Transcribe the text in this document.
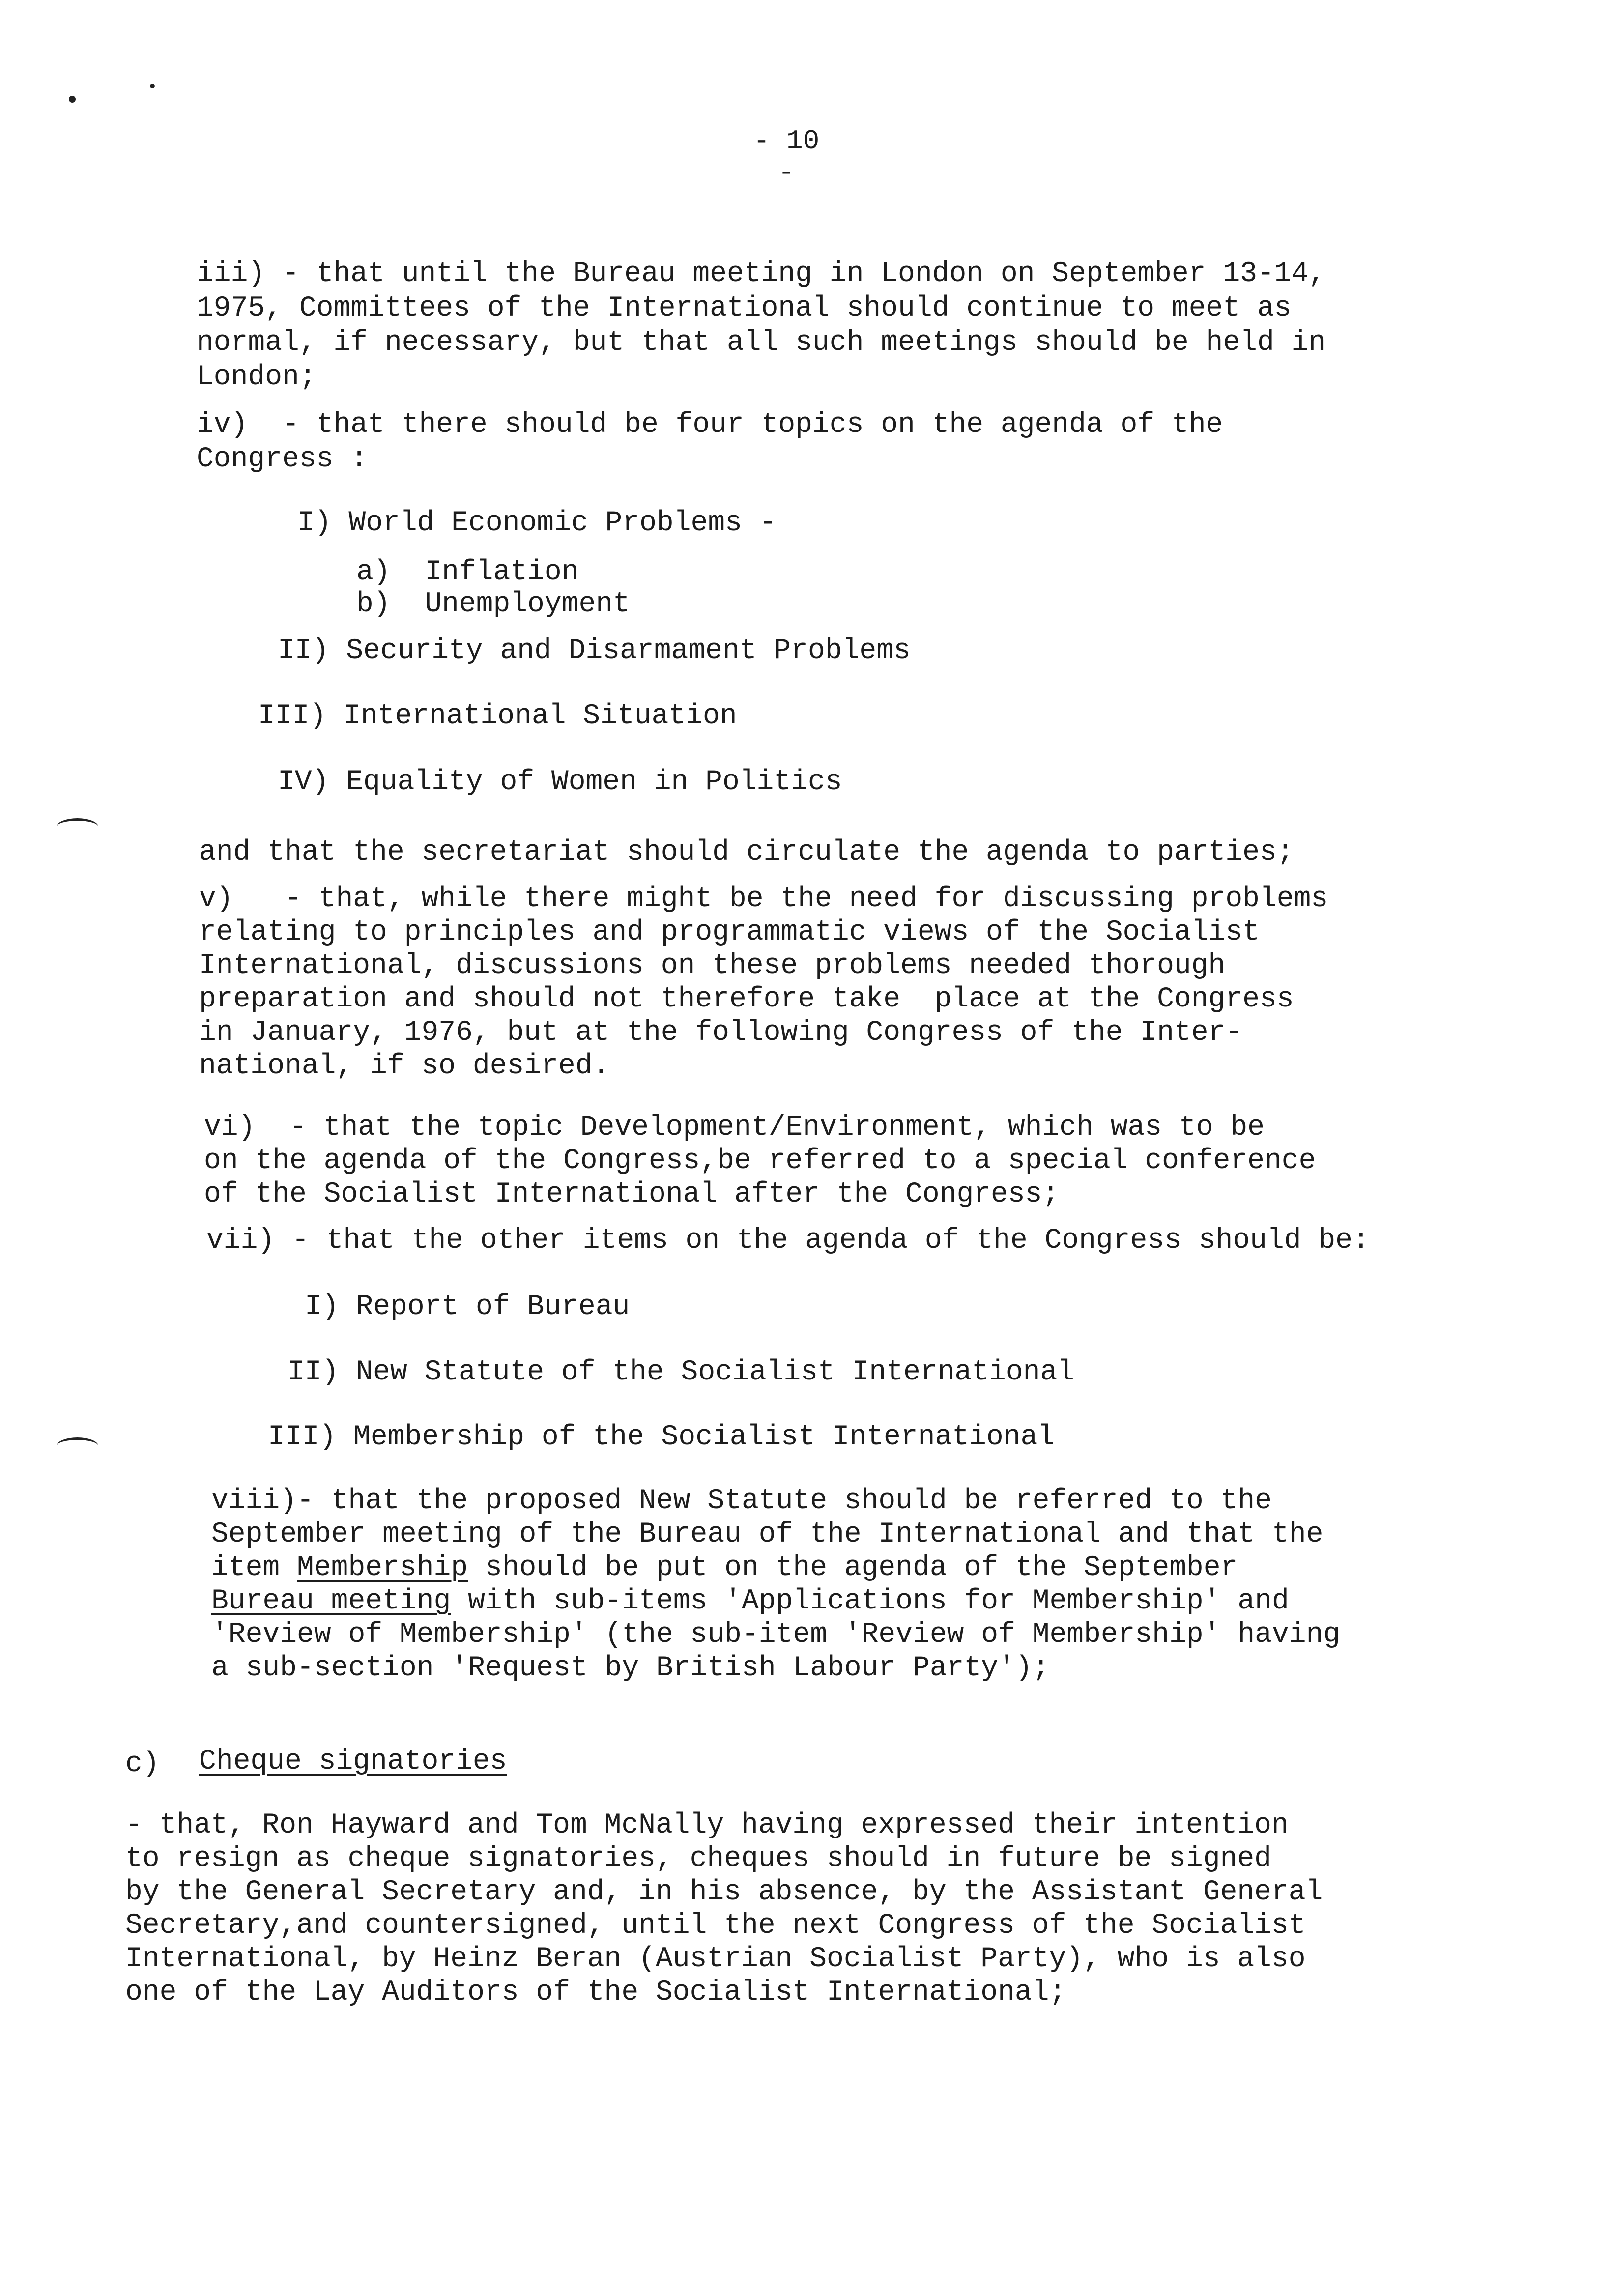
- 10 -
iii) - that until the Bureau meeting in London on September 13-14,
1975, Committees of the International should continue to meet as
normal, if necessary, but that all such meetings should be held in
London;
iv)  - that there should be four topics on the agenda of the
Congress :
I) World Economic Problems -
a)  Inflation
b)  Unemployment
II) Security and Disarmament Problems
III) International Situation
IV) Equality of Women in Politics
and that the secretariat should circulate the agenda to parties;
v)   - that, while there might be the need for discussing problems
relating to principles and programmatic views of the Socialist
International, discussions on these problems needed thorough
preparation and should not therefore take  place at the Congress
in January, 1976, but at the following Congress of the Inter-
national, if so desired.
vi)  - that the topic Development/Environment, which was to be
on the agenda of the Congress,be referred to a special conference
of the Socialist International after the Congress;
vii) - that the other items on the agenda of the Congress should be:
I) Report of Bureau
II) New Statute of the Socialist International
III) Membership of the Socialist International
viii)- that the proposed New Statute should be referred to the
September meeting of the Bureau of the International and that the
item Membership should be put on the agenda of the September
Bureau meeting with sub-items 'Applications for Membership' and
'Review of Membership' (the sub-item 'Review of Membership' having
a sub-section 'Request by British Labour Party');
c) Cheque signatories
- that, Ron Hayward and Tom McNally having expressed their intention
to resign as cheque signatories, cheques should in future be signed
by the General Secretary and, in his absence, by the Assistant General
Secretary,and countersigned, until the next Congress of the Socialist
International, by Heinz Beran (Austrian Socialist Party), who is also
one of the Lay Auditors of the Socialist International;
